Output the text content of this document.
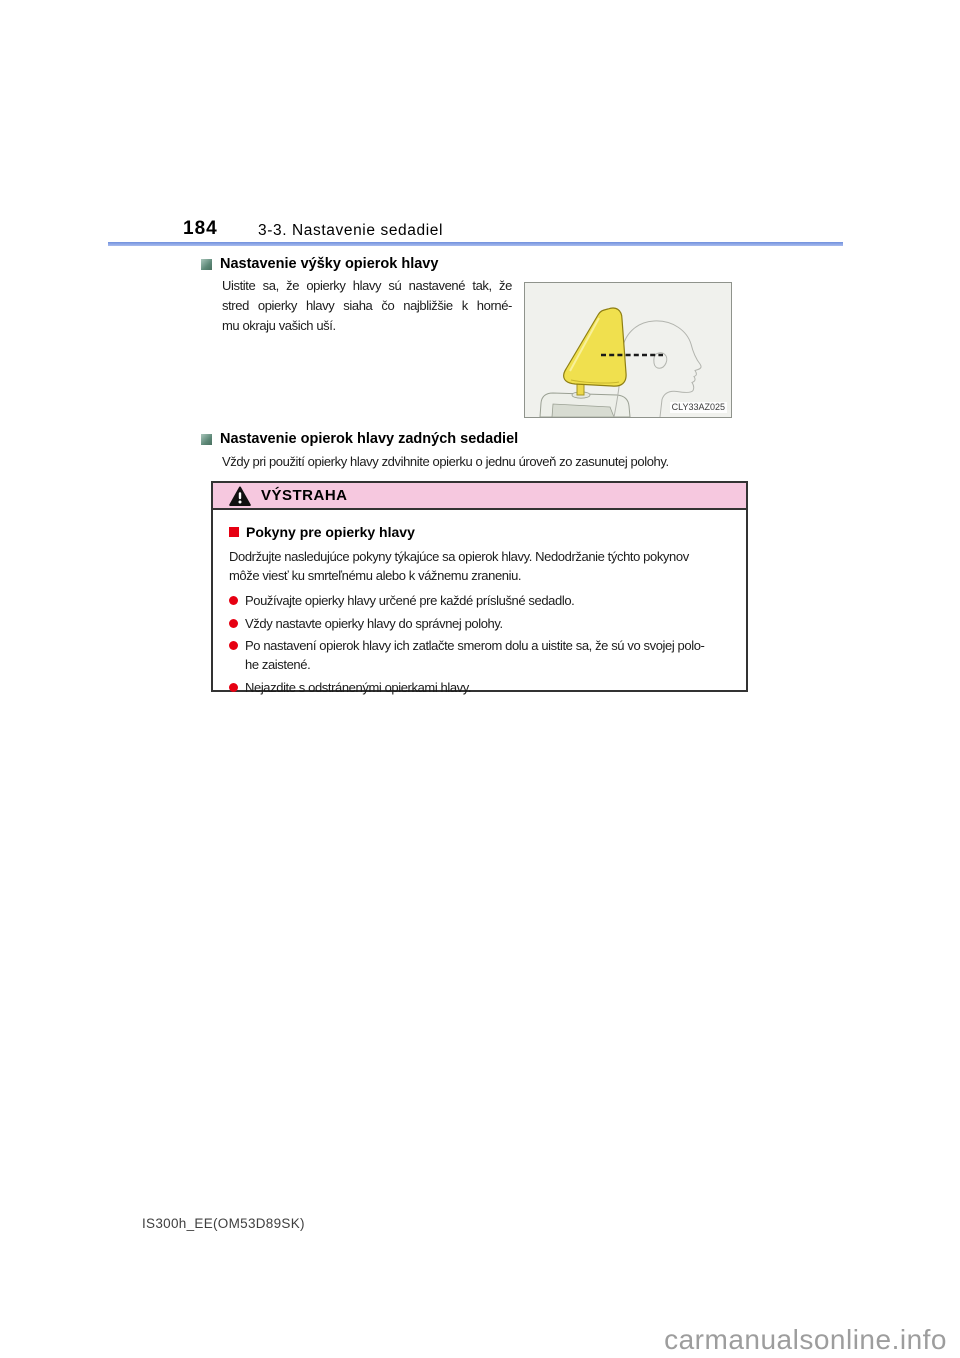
184	3-3. Nastavenie sedadiel
Nastavenie výšky opierok hlavy
Uistite sa, že opierky hlavy sú nastavené tak, že
stred opierky hlavy siaha čo najbližšie k horné-
mu okraju vašich uší.
CLY33AZ025
Nastavenie opierok hlavy zadných sedadiel
Vždy pri použití opierky hlavy zdvihnite opierku o jednu úroveň zo zasunutej polohy.
VÝSTRAHA
Pokyny pre opierky hlavy
Dodržujte nasledujúce pokyny týkajúce sa opierok hlavy. Nedodržanie týchto pokynov
môže viesť ku smrteľnému alebo k vážnemu zraneniu.
Používajte opierky hlavy určené pre každé príslušné sedadlo.
Vždy nastavte opierky hlavy do správnej polohy.
Po nastavení opierok hlavy ich zatlačte smerom dolu a uistite sa, že sú vo svojej polo-
he zaistené.
Nejazdite s odstránenými opierkami hlavy.
IS300h_EE(OM53D89SK)
carmanualsonline.info
